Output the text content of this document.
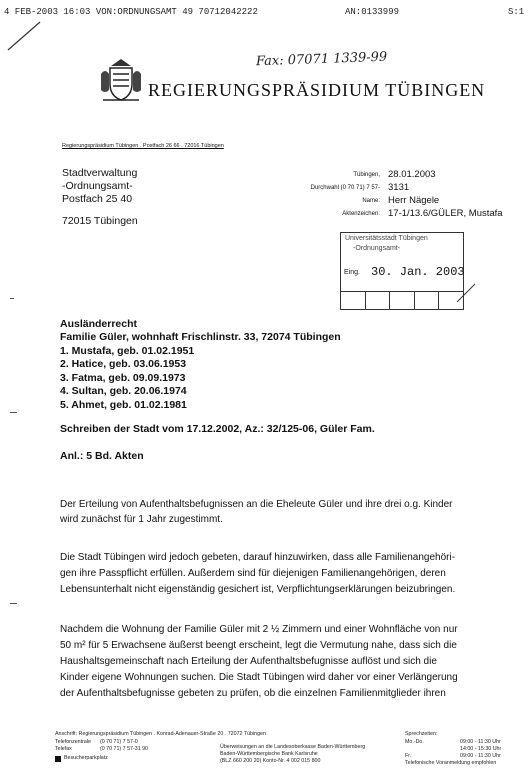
4 FEB-2003 16:03 VON:ORDNUNGSAMT 49 70712042222	AN:0133999	S:1
Fax: 07071 1339-99
REGIERUNGSPRÄSIDIUM TÜBINGEN
Regierungspräsidium Tübingen . Postfach 26 66 . 72016 Tübingen
Stadtverwaltung
-Ordnungsamt-
Postfach 25 40
72015 Tübingen
Tübingen, 28.01.2003
Durchwahl (0 70 71) 7 57- 3131
Name: Herr Nägele
Aktenzeichen: 17-1/13.6/GÜLER, Mustafa
Universitätsstadt Tübingen
-Ordnungsamt-
Eing. 30. Jan. 2003
Ausländerrecht
Familie Güler, wohnhaft Frischlinstr. 33, 72074 Tübingen
1. Mustafa, geb. 01.02.1951
2. Hatice, geb. 03.06.1953
3. Fatma, geb. 09.09.1973
4. Sultan, geb. 20.06.1974
5. Ahmet, geb. 01.02.1981
Schreiben der Stadt vom 17.12.2002, Az.: 32/125-06, Güler Fam.
Anl.: 5 Bd. Akten
Der Erteilung von Aufenthaltsbefugnissen an die Eheleute Güler und ihre drei o.g. Kinder
wird zunächst für 1 Jahr zugestimmt.
Die Stadt Tübingen wird jedoch gebeten, darauf hinzuwirken, dass alle Familienangehöri-
gen ihre Passpflicht erfüllen. Außerdem sind für diejenigen Familienangehörigen, deren
Lebensunterhalt nicht eigenständig gesichert ist, Verpflichtungserklärungen beizubringen.
Nachdem die Wohnung der Familie Güler mit 2 ½ Zimmern und einer Wohnfläche von nur
50 m² für 5 Erwachsene äußerst beengt erscheint, legt die Vermutung nahe, dass sich die
Haushaltsgemeinschaft nach Erteilung der Aufenthaltsbefugnisse auflöst und sich die
Kinder eigene Wohnungen suchen. Die Stadt Tübingen wird daher vor einer Verlängerung
der Aufenthaltsbefugnisse gebeten zu prüfen, ob die einzelnen Familienmitglieder ihren
Anschrift: Regierungspräsidium Tübingen . Konrad-Adenauer-Straße 20 . 72072 Tübingen
Telefonzentrale (0 70 71) 7 57-0
Telefax	(0 70 71) 7 57-31 90
Besucherparkplatz
Überweisungen an die Landesoberkasse Baden-Württemberg
Baden-Württembergische Bank Karlsruhe
(BLZ 660 200 20) Konto-Nr. 4 002 015 800
Sprechzeiten:
Mo.-Do.	09:00 - 11:30 Uhr
14:00 - 15:30 Uhr
Fr.	09:00 - 11:30 Uhr
Telefonische Voranmeldung empfohlen
